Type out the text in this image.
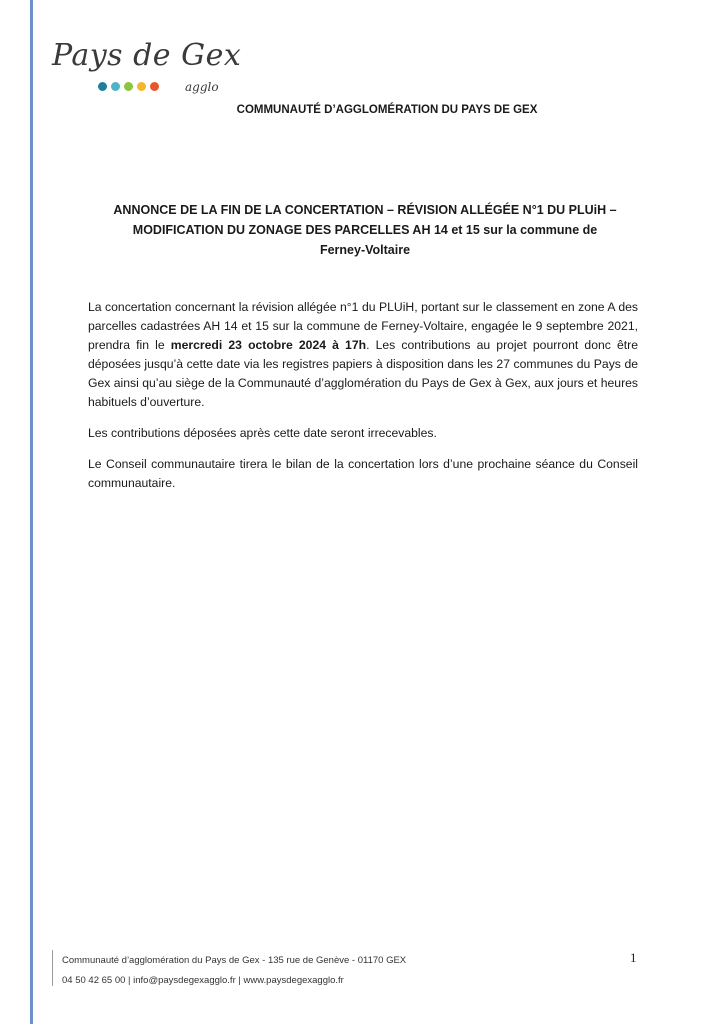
Pays de Gex
agglo
COMMUNAUTÉ D’AGGLOMÉRATION DU PAYS DE GEX
ANNONCE DE LA FIN DE LA CONCERTATION – RÉVISION ALLÉGÉE N°1 DU PLUiH – MODIFICATION DU ZONAGE DES PARCELLES AH 14 et 15 sur la commune de Ferney-Voltaire

La concertation concernant la révision allégée n°1 du PLUiH, portant sur le classement en zone A des parcelles cadastrées AH 14 et 15 sur la commune de Ferney-Voltaire, engagée le 9 septembre 2021, prendra fin le mercredi 23 octobre 2024 à 17h. Les contributions au projet pourront donc être déposées jusqu’à cette date via les registres papiers à disposition dans les 27 communes du Pays de Gex ainsi qu’au siège de la Communauté d’agglomération du Pays de Gex à Gex, aux jours et heures habituels d’ouverture.

Les contributions déposées après cette date seront irrecevables.

Le Conseil communautaire tirera le bilan de la concertation lors d’une prochaine séance du Conseil communautaire.

Communauté d’agglomération du Pays de Gex - 135 rue de Genève - 01170 GEX
04 50 42 65 00 | info@paysdegexagglo.fr | www.paysdegexagglo.fr
1
